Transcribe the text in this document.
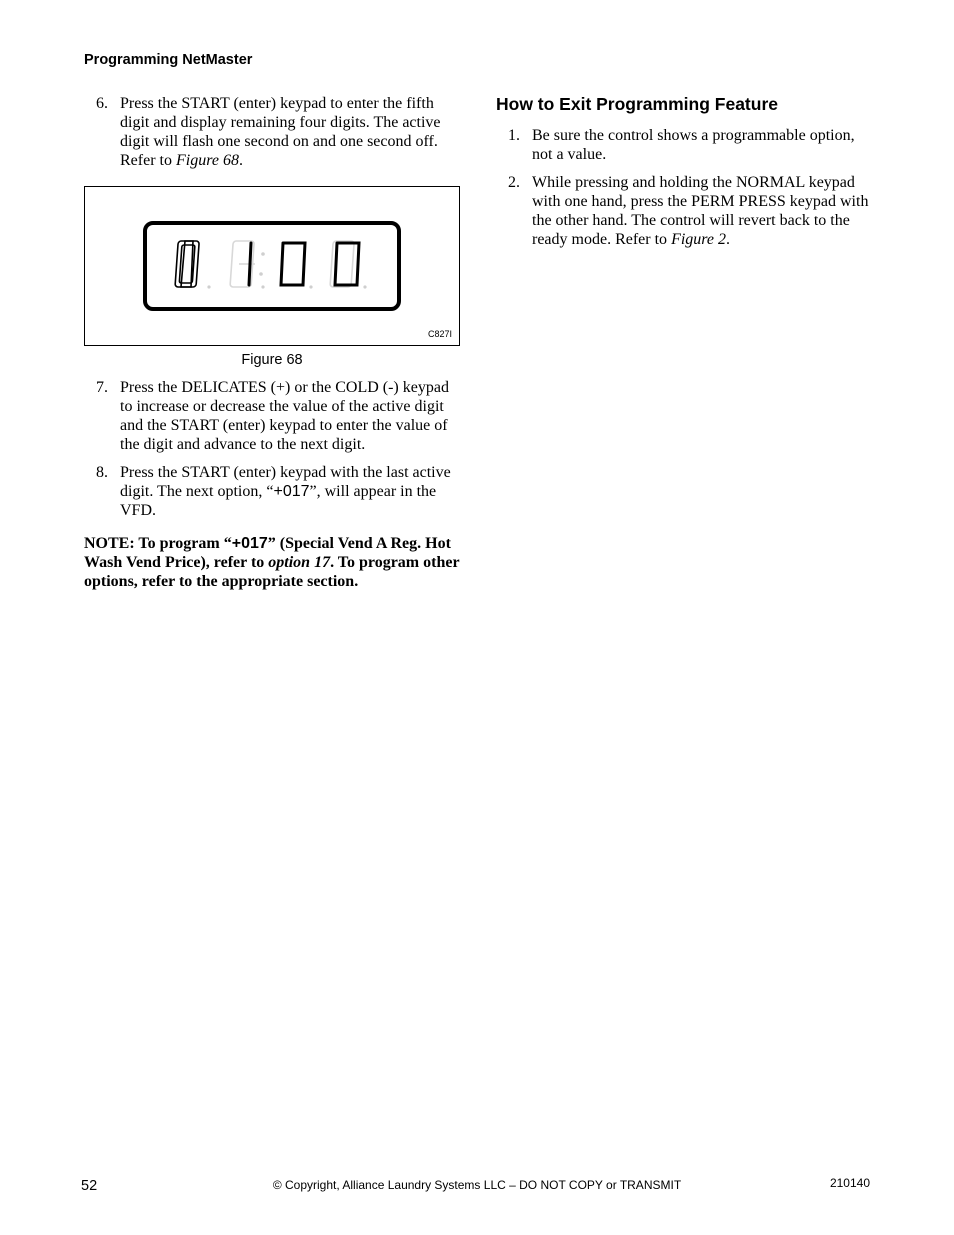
Programming NetMaster
6. Press the START (enter) keypad to enter the fifth digit and display remaining four digits. The active digit will flash one second on and one second off. Refer to Figure 68.
C827I
Figure 68
7. Press the DELICATES (+) or the COLD (-) keypad to increase or decrease the value of the active digit and the START (enter) keypad to enter the value of the digit and advance to the next digit.
8. Press the START (enter) keypad with the last active digit. The next option, “+017”, will appear in the VFD.
NOTE: To program “+017” (Special Vend A Reg. Hot Wash Vend Price), refer to option 17. To program other options, refer to the appropriate section.
How to Exit Programming Feature
1. Be sure the control shows a programmable option, not a value.
2. While pressing and holding the NORMAL keypad with one hand, press the PERM PRESS keypad with the other hand. The control will revert back to the ready mode. Refer to Figure 2.
52	© Copyright, Alliance Laundry Systems LLC – DO NOT COPY or TRANSMIT	210140
